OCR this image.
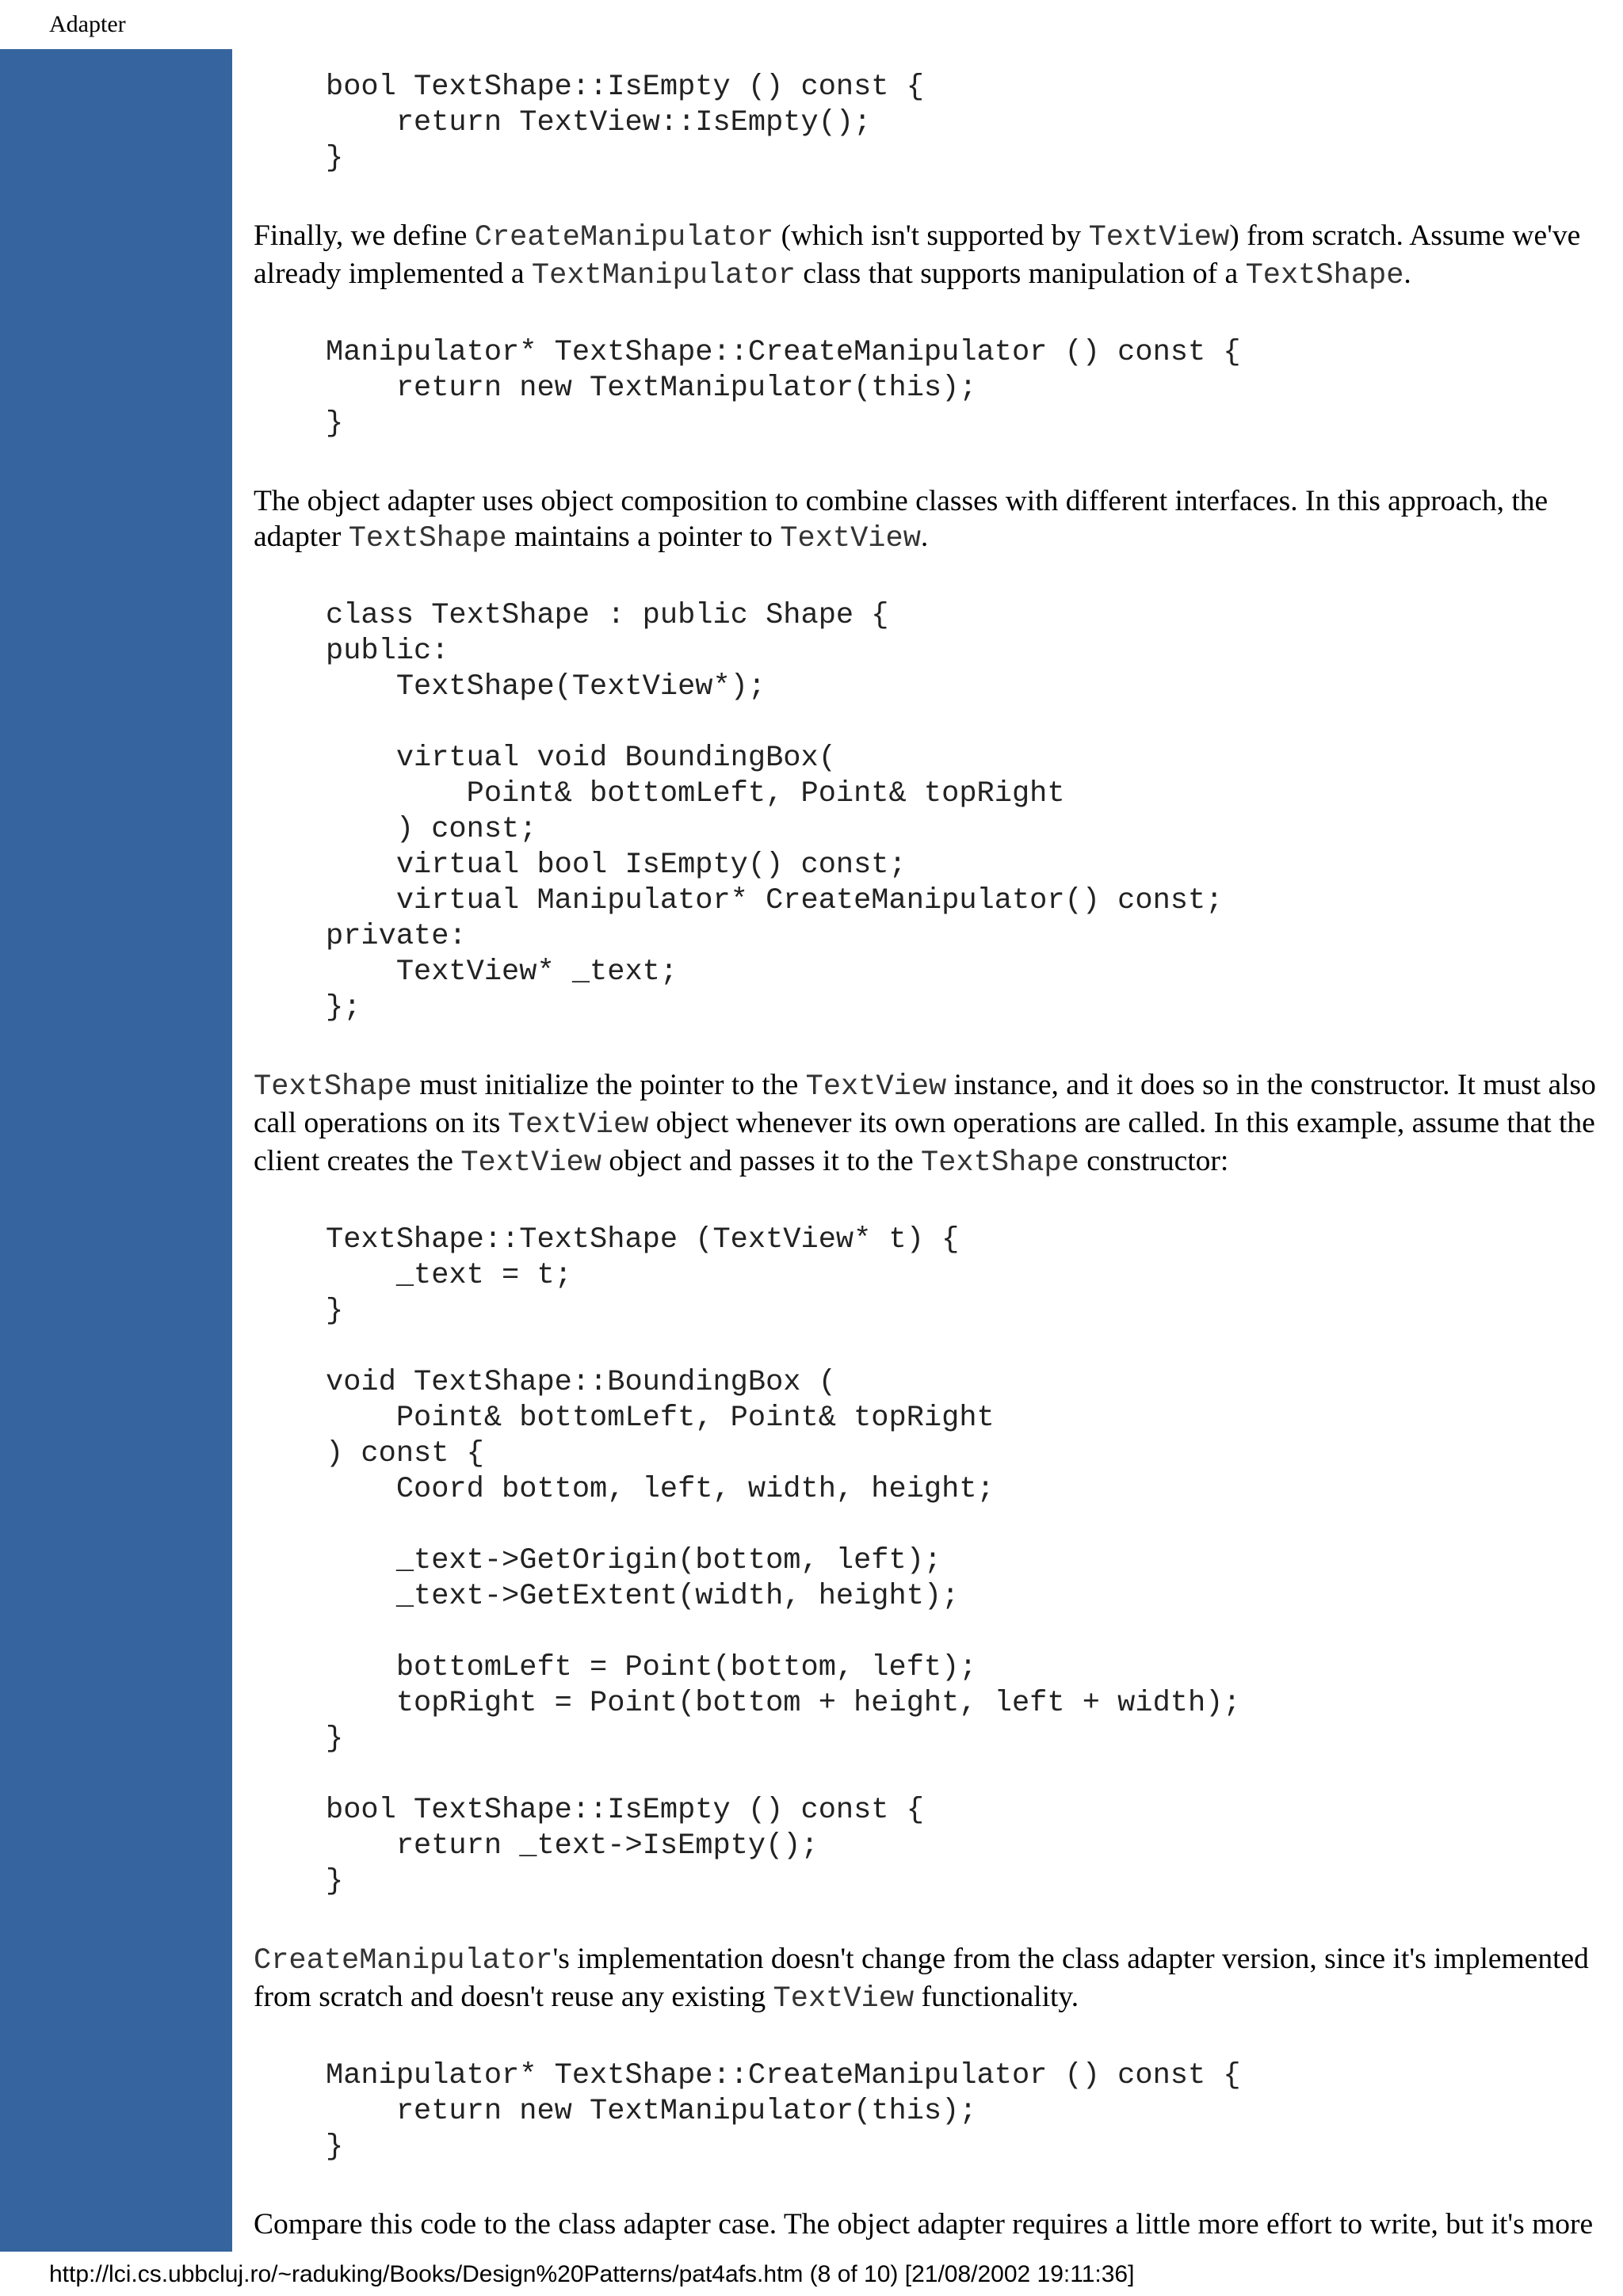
Adapter
bool TextShape::IsEmpty () const {
return TextView::IsEmpty();
}

Finally, we define CreateManipulator (which isn't supported by TextView) from scratch. Assume we've already implemented a TextManipulator class that supports manipulation of a TextShape.

Manipulator* TextShape::CreateManipulator () const {
return new TextManipulator(this);
}

The object adapter uses object composition to combine classes with different interfaces. In this approach, the adapter TextShape maintains a pointer to TextView.

class TextShape : public Shape {
public:
TextShape(TextView*);

virtual void BoundingBox(
Point& bottomLeft, Point& topRight
) const;
virtual bool IsEmpty() const;
virtual Manipulator* CreateManipulator() const;
private:
TextView* _text;
};

TextShape must initialize the pointer to the TextView instance, and it does so in the constructor. It must also call operations on its TextView object whenever its own operations are called. In this example, assume that the client creates the TextView object and passes it to the TextShape constructor:

TextShape::TextShape (TextView* t) {
_text = t;
}
void TextShape::BoundingBox (
Point& bottomLeft, Point& topRight
) const {
Coord bottom, left, width, height;

_text->GetOrigin(bottom, left);
_text->GetExtent(width, height);

bottomLeft = Point(bottom, left);
topRight = Point(bottom + height, left + width);
}
bool TextShape::IsEmpty () const {
return _text->IsEmpty();
}

CreateManipulator's implementation doesn't change from the class adapter version, since it's implemented from scratch and doesn't reuse any existing TextView functionality.

Manipulator* TextShape::CreateManipulator () const {
return new TextManipulator(this);
}

Compare this code to the class adapter case. The object adapter requires a little more effort to write, but it's more

http://lci.cs.ubbcluj.ro/~raduking/Books/Design%20Patterns/pat4afs.htm (8 of 10) [21/08/2002 19:11:36]
